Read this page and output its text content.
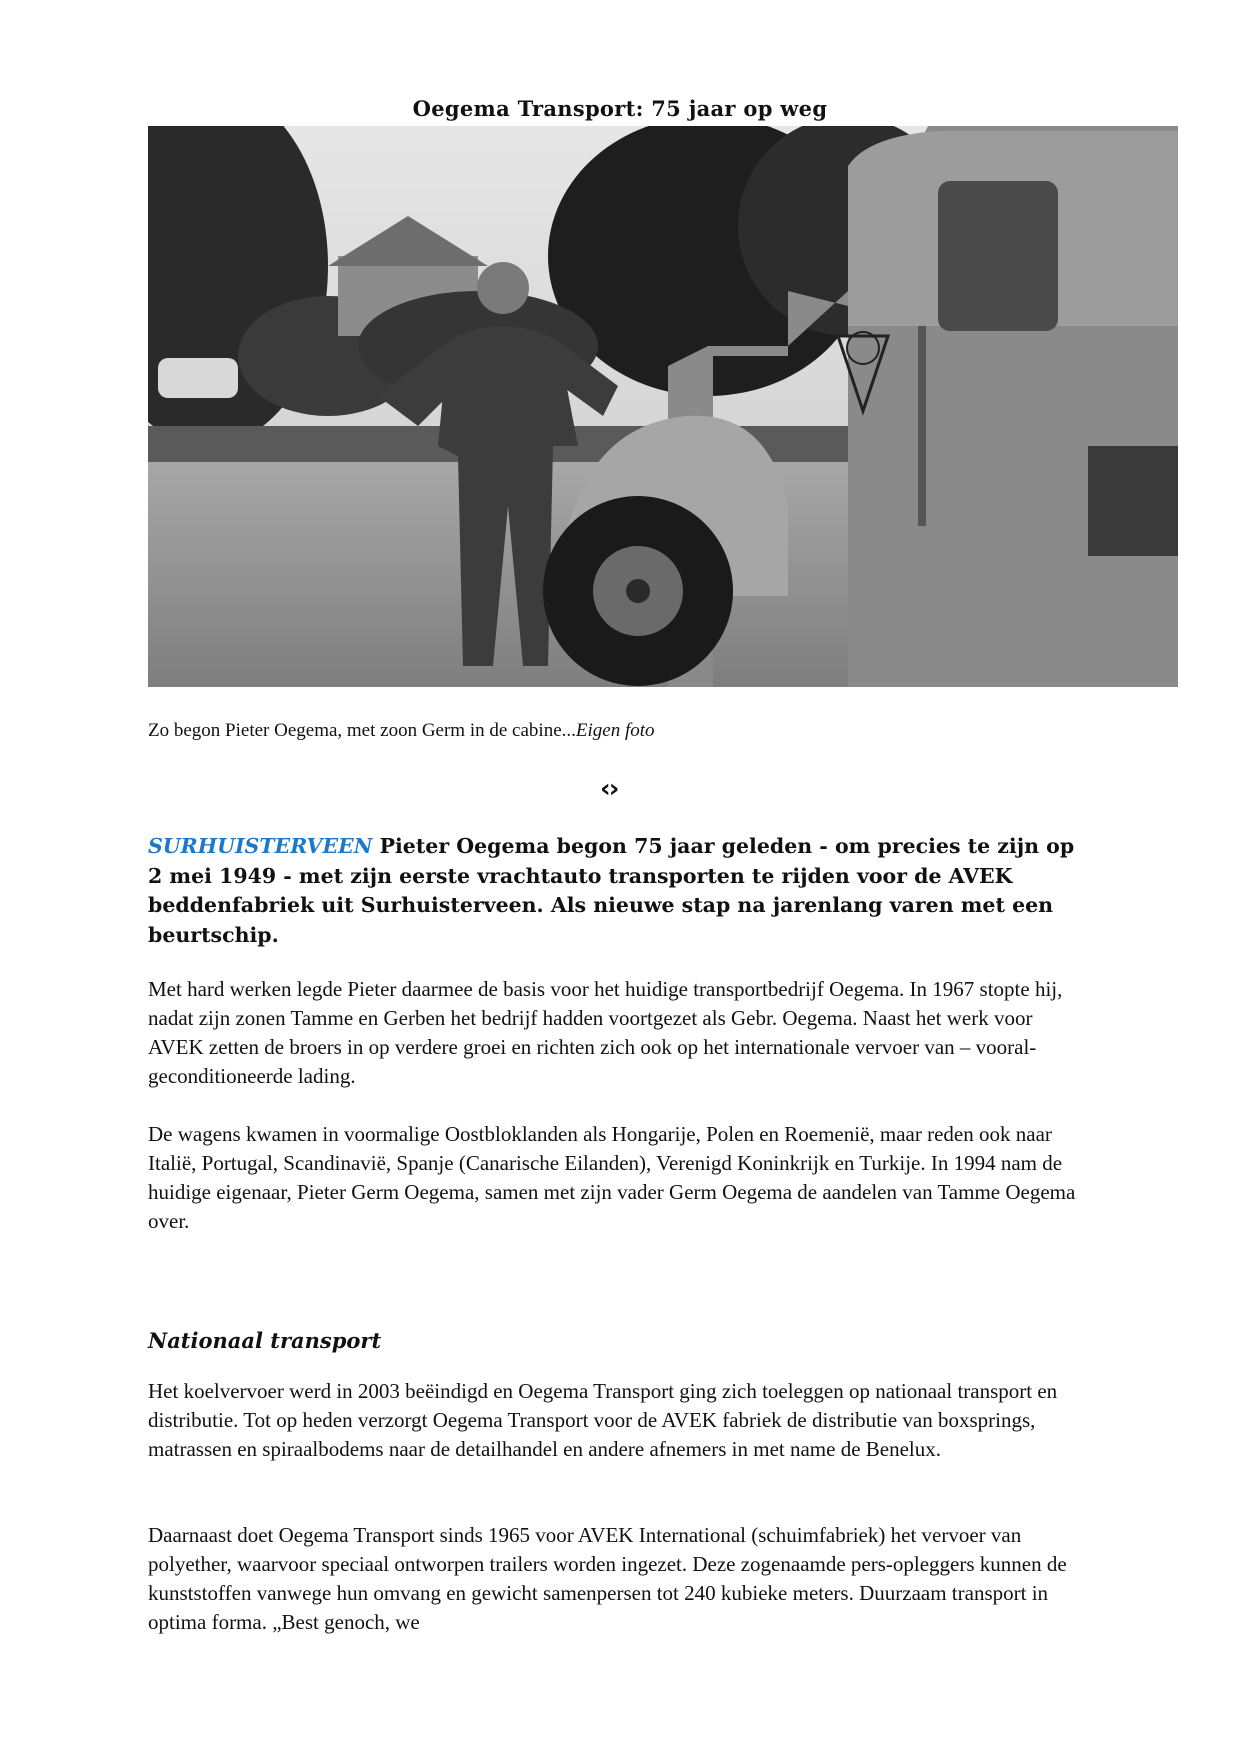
Oegema Transport: 75 jaar op weg

Zo begon Pieter Oegema, met zoon Germ in de cabine...Eigen foto

‹›

SURHUISTERVEEN Pieter Oegema begon 75 jaar geleden - om precies te zijn op 2 mei 1949 - met zijn eerste vrachtauto transporten te rijden voor de AVEK beddenfabriek uit Surhuisterveen. Als nieuwe stap na jarenlang varen met een beurtschip.

Met hard werken legde Pieter daarmee de basis voor het huidige transportbedrijf Oegema. In 1967 stopte hij, nadat zijn zonen Tamme en Gerben het bedrijf hadden voortgezet als Gebr. Oegema. Naast het werk voor AVEK zetten de broers in op verdere groei en richten zich ook op het internationale vervoer van – vooral- geconditioneerde lading.

De wagens kwamen in voormalige Oostbloklanden als Hongarije, Polen en Roemenië, maar reden ook naar Italië, Portugal, Scandinavië, Spanje (Canarische Eilanden), Verenigd Koninkrijk en Turkije. In 1994 nam de huidige eigenaar, Pieter Germ Oegema, samen met zijn vader Germ Oegema de aandelen van Tamme Oegema over.

Nationaal transport

Het koelvervoer werd in 2003 beëindigd en Oegema Transport ging zich toeleggen op nationaal transport en distributie. Tot op heden verzorgt Oegema Transport voor de AVEK fabriek de distributie van boxsprings, matrassen en spiraalbodems naar de detailhandel en andere afnemers in met name de Benelux.

Daarnaast doet Oegema Transport sinds 1965 voor AVEK International (schuimfabriek) het vervoer van polyether, waarvoor speciaal ontworpen trailers worden ingezet. Deze zogenaamde pers-opleggers kunnen de kunststoffen vanwege hun omvang en gewicht samenpersen tot 240 kubieke meters. Duurzaam transport in optima forma. „Best genoch, we
